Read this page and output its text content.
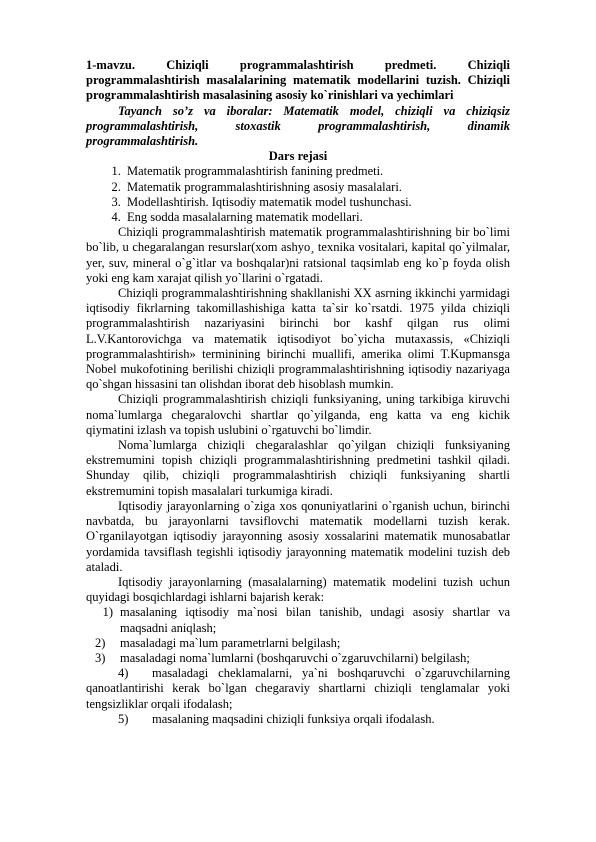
1-mavzu. Chiziqli programmalashtirish predmeti. Chiziqli programmalashtirish masalalarining matematik modellarini tuzish. Chiziqli programmalashtirish masalasining asosiy ko`rinishlari va yechimlari

Tayanch so’z va iboralar: Matematik model, chiziqli va chiziqsiz programmalashtirish, stoxastik programmalashtirish, dinamik programmalashtirish.

Dars rejasi

1. Matematik programmalashtirish fanining predmeti.
2. Matematik programmalashtirishning asosiy masalalari.
3. Modellashtirish. Iqtisodiy matematik model tushunchasi.
4. Eng sodda masalalarning matematik modellari.

Chiziqli programmalashtirish matematik programmalashtirishning bir bo`limi bo`lib, u chegaralangan resurslar(xom ashyo¸ texnika vositalari, kapital qo`yilmalar, yer, suv, mineral o`g`itlar va boshqalar)ni ratsional taqsimlab eng ko`p foyda olish yoki eng kam xarajat qilish yo`llarini o`rgatadi.

Chiziqli programmalashtirishning shakllanishi XX asrning ikkinchi yarmidagi iqtisodiy fikrlarning takomillashishiga katta ta`sir ko`rsatdi. 1975 yilda chiziqli programmalashtirish nazariyasini birinchi bor kashf qilgan rus olimi L.V.Kantorovichga va matematik iqtisodiyot bo`yicha mutaxassis, «Chiziqli programmalashtirish» terminining birinchi muallifi, amerika olimi T.Kupmansga Nobel mukofotining berilishi chiziqli programmalashtirishning iqtisodiy nazariyaga qo`shgan hissasini tan olishdan iborat deb hisoblash mumkin.

Chiziqli programmalashtirish chiziqli funksiyaning, uning tarkibiga kiruvchi noma`lumlarga chegaralovchi shartlar qo`yilganda, eng katta va eng kichik qiymatini izlash va topish uslubini o`rgatuvchi bo`limdir.

Noma`lumlarga chiziqli chegaralashlar qo`yilgan chiziqli funksiyaning ekstremumini topish chiziqli programmalashtirishning predmetini tashkil qiladi. Shunday qilib, chiziqli programmalashtirish chiziqli funksiyaning shartli ekstremumini topish masalalari turkumiga kiradi.

Iqtisodiy jarayonlarning o`ziga xos qonuniyatlarini o`rganish uchun, birinchi navbatda, bu jarayonlarni tavsiflovchi matematik modellarni tuzish kerak. O`rganilayotgan iqtisodiy jarayonning asosiy xossalarini matematik munosabatlar yordamida tavsiflash tegishli iqtisodiy jarayonning matematik modelini tuzish deb ataladi.

Iqtisodiy jarayonlarning (masalalarning) matematik modelini tuzish uchun quyidagi bosqichlardagi ishlarni bajarish kerak:

1) masalaning iqtisodiy ma`nosi bilan tanishib, undagi asosiy shartlar va maqsadni aniqlash;
2)	masaladagi ma`lum parametrlarni belgilash;
3)	masaladagi noma`lumlarni (boshqaruvchi o`zgaruvchilarni) belgilash;

4) masaladagi cheklamalarni, ya`ni boshqaruvchi o`zgaruvchilarning qanoatlantirishi kerak bo`lgan chegaraviy shartlarni chiziqli tenglamalar yoki tengsizliklar orqali ifodalash;

5) masalaning maqsadini chiziqli funksiya orqali ifodalash.
